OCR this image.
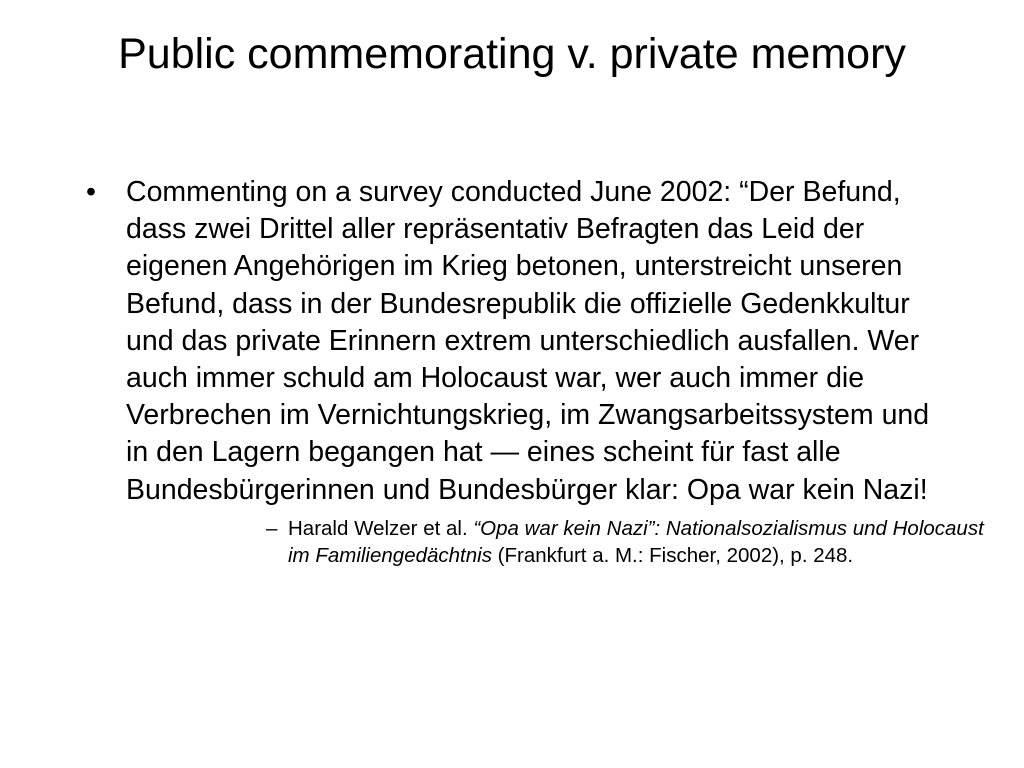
Public commemorating v. private memory

• Commenting on a survey conducted June 2002: “Der Befund, dass zwei Drittel aller repräsentativ Befragten das Leid der eigenen Angehörigen im Krieg betonen, unterstreicht unseren Befund, dass in der Bundesrepublik die offizielle Gedenkkultur und das private Erinnern extrem unterschiedlich ausfallen. Wer auch immer schuld am Holocaust war, wer auch immer die Verbrechen im Vernichtungskrieg, im Zwangsarbeitssystem und in den Lagern begangen hat — eines scheint für fast alle Bundesbürgerinnen und Bundesbürger klar: Opa war kein Nazi!

– Harald Welzer et al. “Opa war kein Nazi”: Nationalsozialismus und Holocaust im Familiengedächtnis (Frankfurt a. M.: Fischer, 2002), p. 248.
